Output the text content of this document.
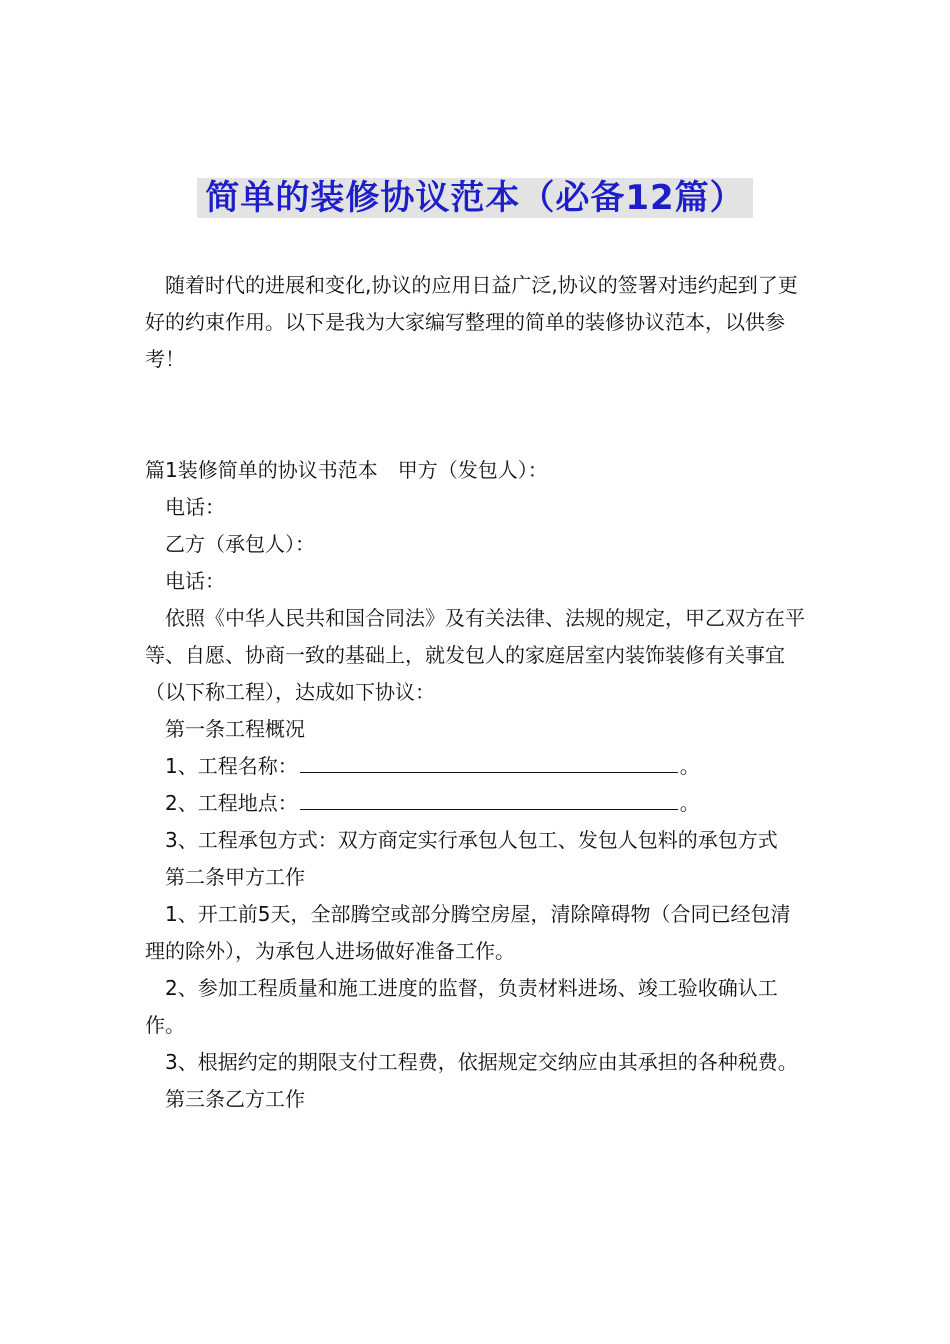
简单的装修协议范本（必备12篇）

随着时代的进展和变化,协议的应用日益广泛,协议的签署对违约起到了更好的约束作用。以下是我为大家编写整理的简单的装修协议范本，以供参考！

篇1装修简单的协议书范本　甲方（发包人）：

电话：

乙方（承包人）：

电话：

依照《中华人民共和国合同法》及有关法律、法规的规定，甲乙双方在平等、自愿、协商一致的基础上，就发包人的家庭居室内装饰装修有关事宜（以下称工程），达成如下协议：

第一条工程概况

1、工程名称：	。

2、工程地点：	。

3、工程承包方式：双方商定实行承包人包工、发包人包料的承包方式

第二条甲方工作

1、开工前5天，全部腾空或部分腾空房屋，清除障碍物（合同已经包清理的除外），为承包人进场做好准备工作。

2、参加工程质量和施工进度的监督，负责材料进场、竣工验收确认工作。

3、根据约定的期限支付工程费，依据规定交纳应由其承担的各种税费。

第三条乙方工作
